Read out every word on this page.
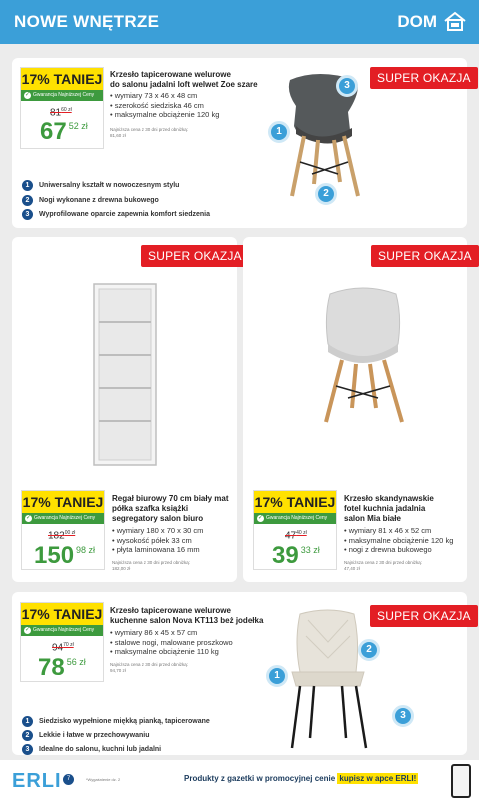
NOWE WNĘTRZE	DOM
17% TANIEJ
✓ Gwarancja Najniższej Ceny
$81^{60 zł}$
67 $^{52 zł}$
Krzesło tapicerowane welurowe
do salonu jadalni loft welwet Zoe szare
• wymiary 73 x 46 x 48 cm
• szerokość siedziska 46 cm
• maksymalne obciążenie 120 kg
Najniższa cena z 30 dni przed obniżką:
81,60 zł
SUPER OKAZJA
1
2
3
1	Uniwersalny kształt w nowoczesnym stylu
2	Nogi wykonane z drewna bukowego
3	Wyprofilowane oparcie zapewnia komfort siedzenia
SUPER OKAZJA
17% TANIEJ
✓ Gwarancja Najniższej Ceny
$182^{00 zł}$
150 $^{98 zł}$
Regał biurowy 70 cm biały mat
półka szafka książki
segregatory salon biuro
• wymiary 180 x 70 x 30 cm
• wysokość półek 33 cm
• płyta laminowana 16 mm
Najniższa cena z 30 dni przed obniżką:
182,00 zł
SUPER OKAZJA
17% TANIEJ
✓ Gwarancja Najniższej Ceny
$47^{40 zł}$
39 $^{33 zł}$
Krzesło skandynawskie
fotel kuchnia jadalnia
salon Mia białe
• wymiary 81 x 46 x 52 cm
• maksymalne obciążenie 120 kg
• nogi z drewna bukowego
Najniższa cena z 30 dni przed obniżką:
47,40 zł
17% TANIEJ
✓ Gwarancja Najniższej Ceny
$94^{70 zł}$
78 $^{56 zł}$
Krzesło tapicerowane welurowe
kuchenne salon Nova KT113 beż jodełka
• wymiary 86 x 45 x 57 cm
• stalowe nogi, malowane proszkowo
• maksymalne obciążenie 110 kg
Najniższa cena z 30 dni przed obniżką:
94,70 zł
SUPER OKAZJA
1
2
3
1	Siedzisko wypełnione miękką pianką, tapicerowane
2	Lekkie i łatwe w przechowywaniu
3	Idealne do salonu, kuchni lub jadalni
ERLI 7	*Wygaśnienie dz. 2	Produkty z gazetki w promocyjnej cenie kupisz w apce ERLI!
